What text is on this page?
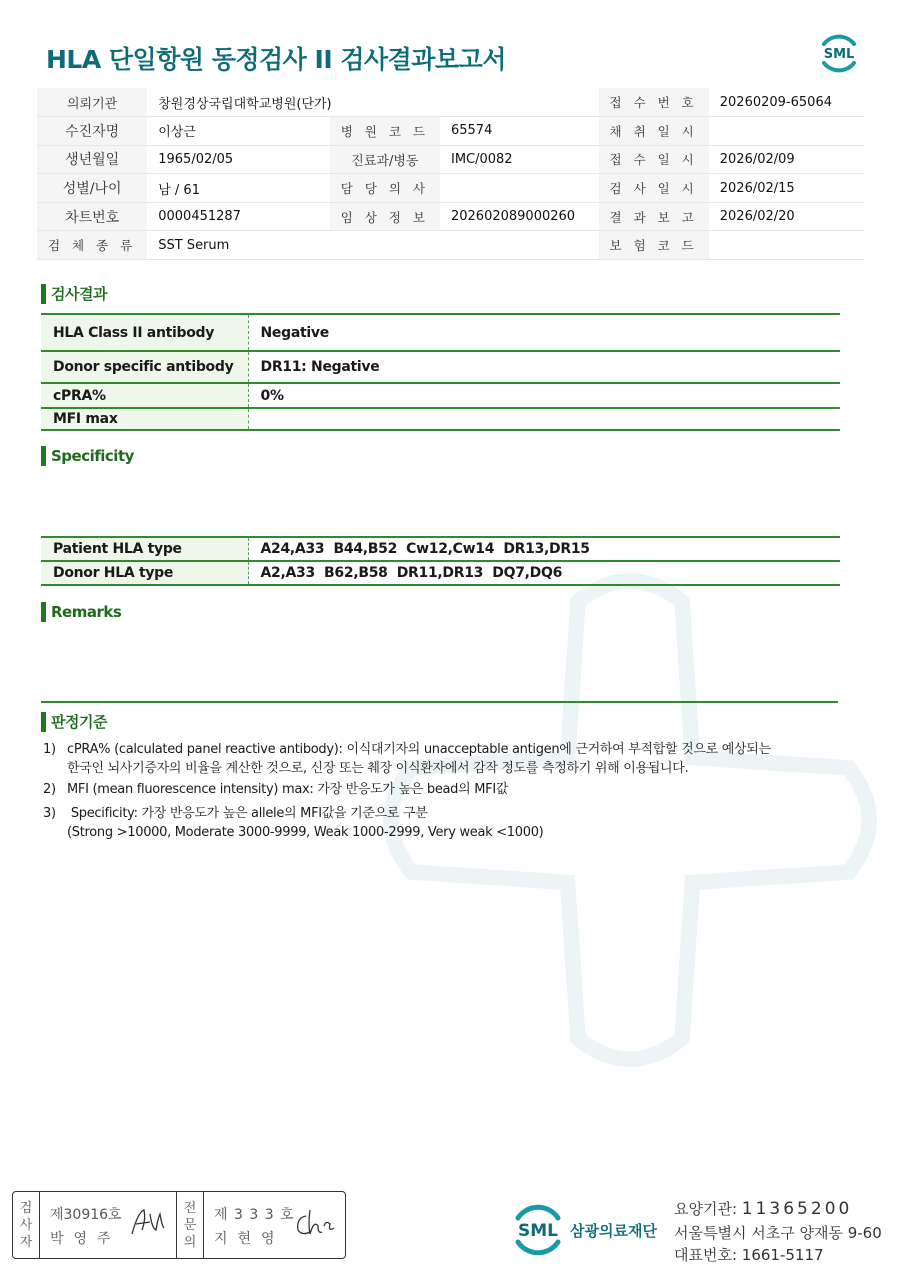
HLA 단일항원 동정검사 II 검사결과보고서	SML
의뢰기관	창원경상국립대학교병원(단가)			접 수 번 호	20260209-65064
수진자명	이상근	병 원 코 드	65574	채 취 일 시	
생년월일	1965/02/05	진료과/병동	IMC/0082	접 수 일 시	2026/02/09
성별/나이	남 / 61	담 당 의 사		검 사 일 시	2026/02/15
차트번호	0000451287	임 상 정 보	202602089000260	결 과 보 고	2026/02/20
검 체 종 류	SST Serum			보 험 코 드	
검사결과
HLA Class II antibody	Negative
Donor specific antibody	DR11: Negative
cPRA%	0%
MFI max	
Specificity
Patient HLA type	A24,A33  B44,B52  Cw12,Cw14  DR13,DR15
Donor HLA type	A2,A33  B62,B58  DR11,DR13  DQ7,DQ6
Remarks
판정기준
1) cPRA% (calculated panel reactive antibody): 이식대기자의 unacceptable antigen에 근거하여 부적합할 것으로 예상되는
한국인 뇌사기증자의 비율을 계산한 것으로, 신장 또는 췌장 이식환자에서 감작 정도를 측정하기 위해 이용됩니다.
2) MFI (mean fluorescence intensity) max: 가장 반응도가 높은 bead의 MFI값
3) Specificity: 가장 반응도가 높은 allele의 MFI값을 기준으로 구분
(Strong >10000, Moderate 3000-9999, Weak 1000-2999, Very weak <1000)
검
사
자
제30916호
박영주
전
문
의
제 3 3 3 호
지현영	SML 삼광의료재단
요양기관: 11365200
서울특별시 서초구 양재동 9-60
대표번호: 1661-5117
